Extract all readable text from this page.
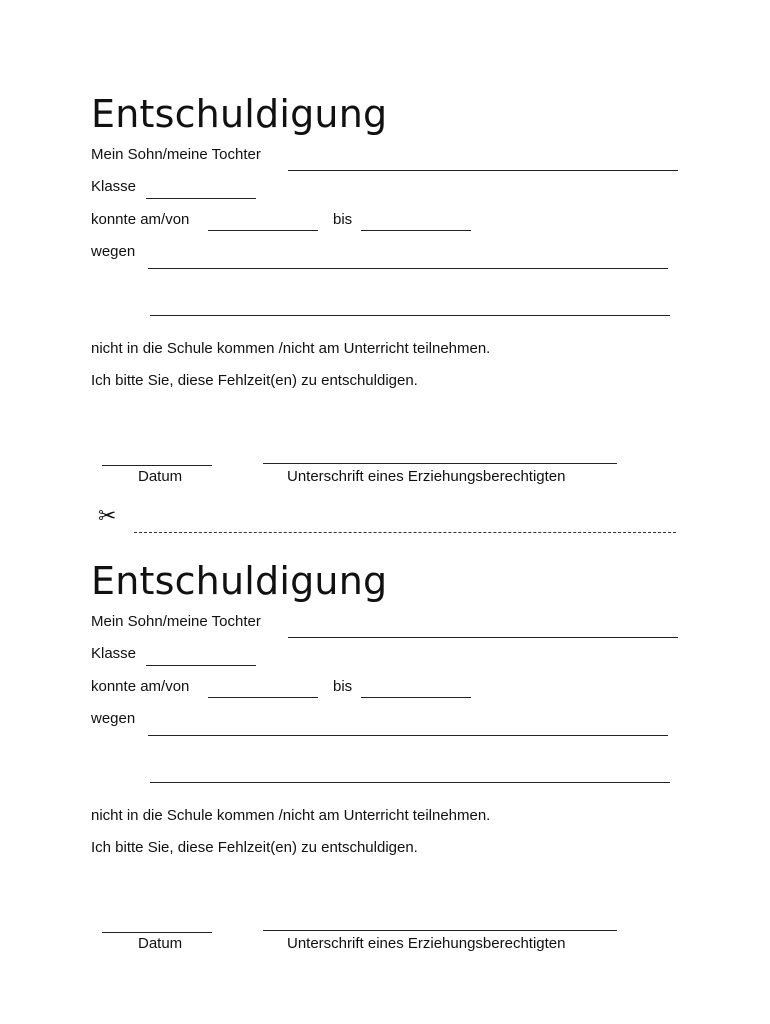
Entschuldigung
Mein Sohn/meine Tochter
Klasse
konnte am/von	bis
wegen
nicht in die Schule kommen /nicht am Unterricht teilnehmen.
Ich bitte Sie, diese Fehlzeit(en) zu entschuldigen.
Datum	Unterschrift eines Erziehungsberechtigten
✂
Entschuldigung
Mein Sohn/meine Tochter
Klasse
konnte am/von	bis
wegen
nicht in die Schule kommen /nicht am Unterricht teilnehmen.
Ich bitte Sie, diese Fehlzeit(en) zu entschuldigen.
Datum	Unterschrift eines Erziehungsberechtigten
